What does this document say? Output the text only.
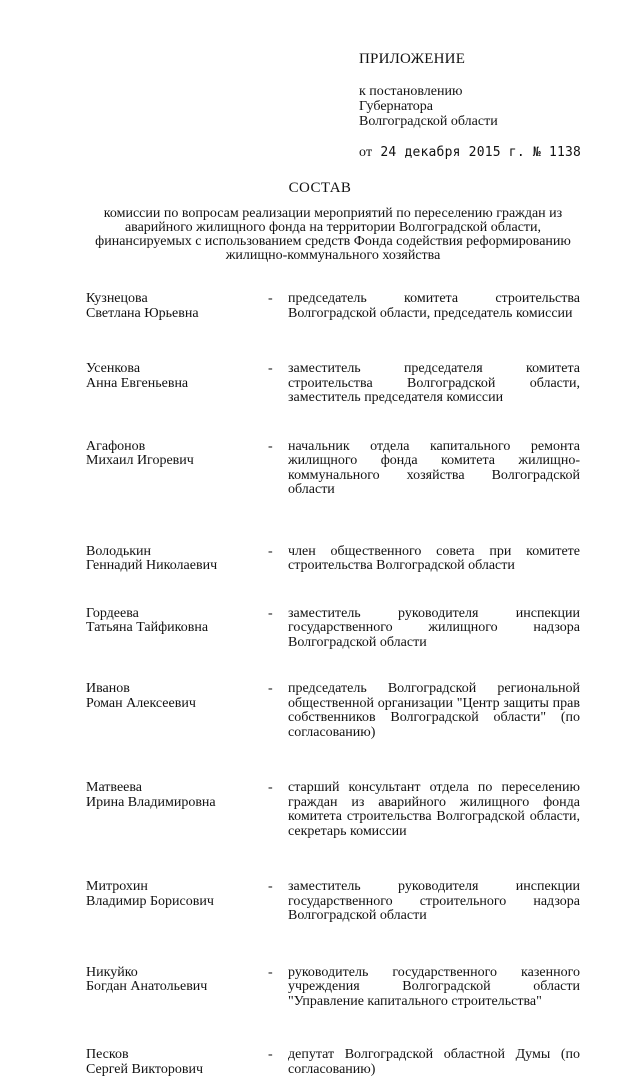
ПРИЛОЖЕНИЕ
к постановлению
Губернатора
Волгоградской области
от 24 декабря 2015 г. № 1138
СОСТАВ
комиссии по вопросам реализации мероприятий по переселению граждан из аварийного жилищного фонда на территории Волгоградской области, финансируемых с использованием средств Фонда содействия реформированию жилищно-коммунального хозяйства
Кузнецова
Светлана Юрьевна
-	председатель комитета строительства Волгоградской области, председатель комиссии
Усенкова
Анна Евгеньевна
-	заместитель председателя комитета строительства Волгоградской области, заместитель председателя комиссии
Агафонов
Михаил Игоревич
-	начальник отдела капитального ремонта жилищного фонда комитета жилищно-коммунального хозяйства Волгоградской области
Володькин
Геннадий Николаевич
-	член общественного совета при комитете строительства Волгоградской области
Гордеева
Татьяна Тайфиковна
-	заместитель руководителя инспекции государственного жилищного надзора Волгоградской области
Иванов
Роман Алексеевич
-	председатель Волгоградской региональной общественной организации "Центр защиты прав собственников Волгоградской области" (по согласованию)
Матвеева
Ирина Владимировна
-	старший консультант отдела по переселению граждан из аварийного жилищного фонда комитета строительства Волгоградской области, секретарь комиссии
Митрохин
Владимир Борисович
-	заместитель руководителя инспекции государственного строительного надзора Волгоградской области
Никуйко
Богдан Анатольевич
-	руководитель государственного казенного учреждения Волгоградской области "Управление капитального строительства"
Песков
Сергей Викторович
-	депутат Волгоградской областной Думы (по согласованию)
